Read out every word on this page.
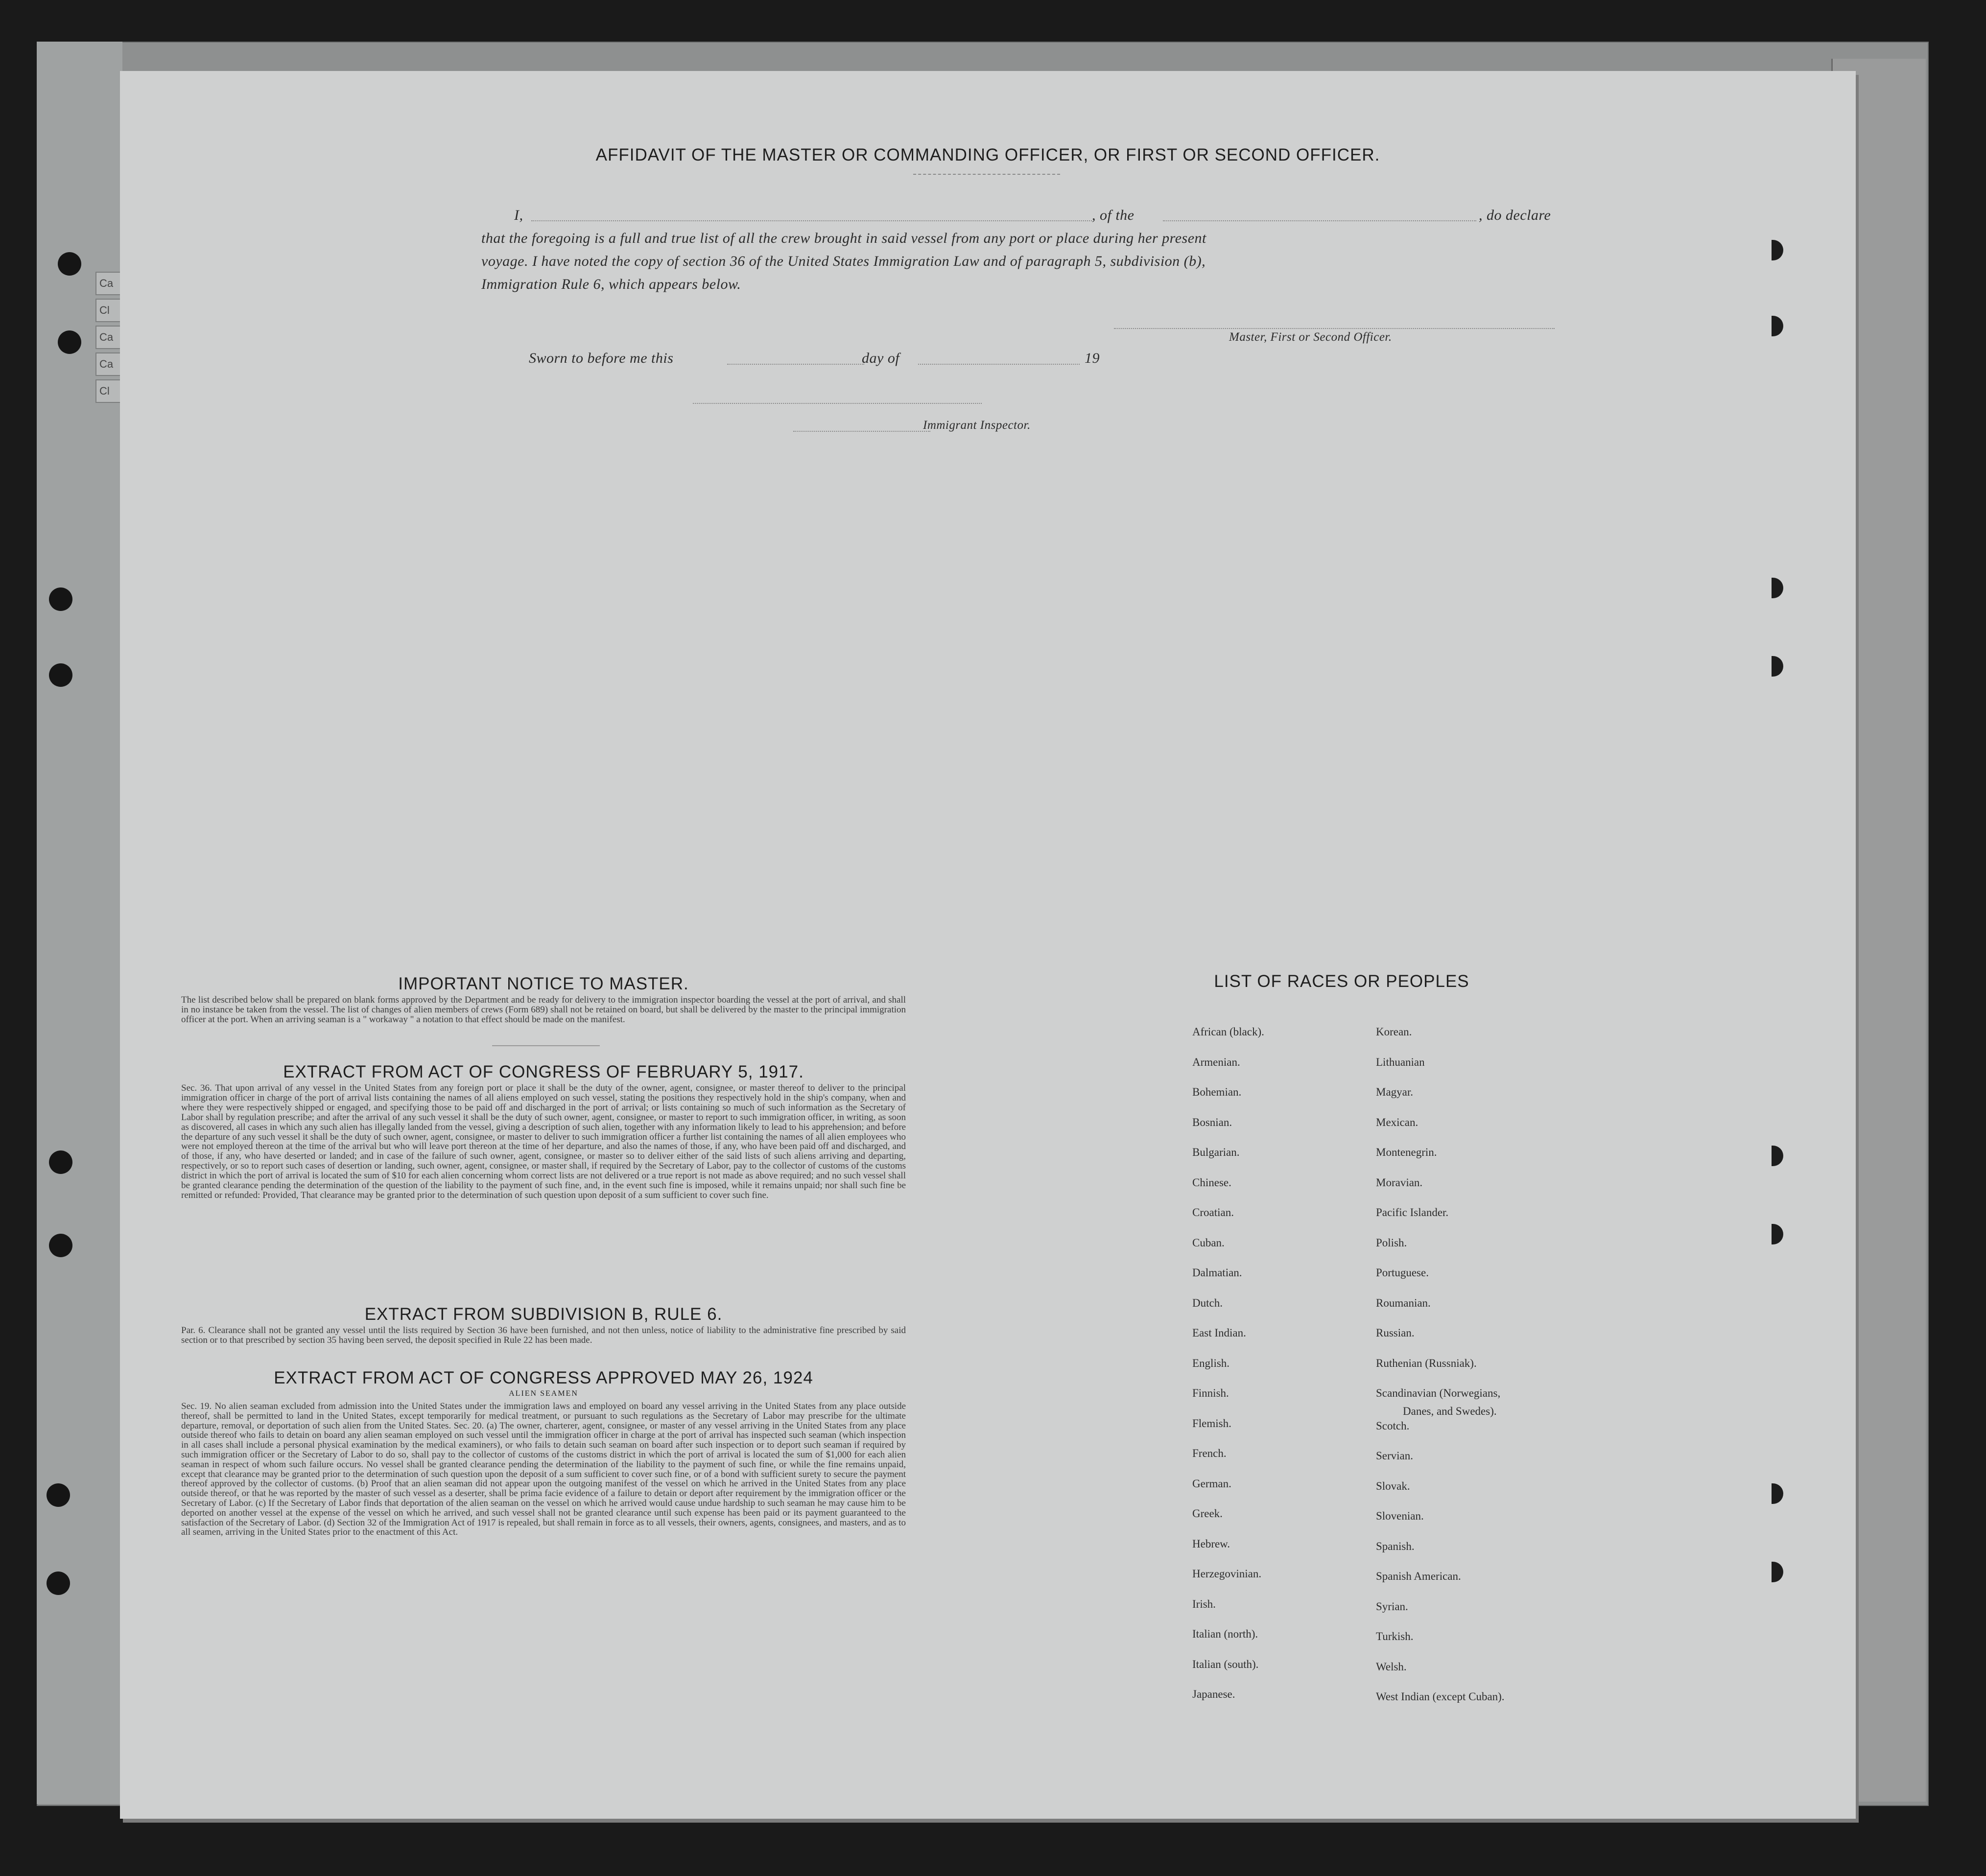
Ca
Cl
Ca
Ca
Cl
AFFIDAVIT OF THE MASTER OR COMMANDING OFFICER, OR FIRST OR SECOND OFFICER.
I,	, of the	, do declare
that the foregoing is a full and true list of all the crew brought in said vessel from any port or place during her present
voyage. I have noted the copy of section 36 of the United States Immigration Law and of paragraph 5, subdivision (b),
Immigration Rule 6, which appears below.
Master, First or Second Officer.
Sworn to before me this	day of	19
Immigrant Inspector.
IMPORTANT NOTICE TO MASTER.
The list described below shall be prepared on blank forms approved by the Department and be ready for delivery to the immigration inspector boarding the vessel at the port of arrival, and shall in no instance be taken from the vessel. The list of changes of alien members of crews (Form 689) shall not be retained on board, but shall be delivered by the master to the principal immigration officer at the port. When an arriving seaman is a " workaway " a notation to that effect should be made on the manifest.
EXTRACT FROM ACT OF CONGRESS OF FEBRUARY 5, 1917.
Sec. 36. That upon arrival of any vessel in the United States from any foreign port or place it shall be the duty of the owner, agent, consignee, or master thereof to deliver to the principal immigration officer in charge of the port of arrival lists containing the names of all aliens employed on such vessel, stating the positions they respectively hold in the ship's company, when and where they were respectively shipped or engaged, and specifying those to be paid off and discharged in the port of arrival; or lists containing so much of such information as the Secretary of Labor shall by regulation prescribe; and after the arrival of any such vessel it shall be the duty of such owner, agent, consignee, or master to report to such immigration officer, in writing, as soon as discovered, all cases in which any such alien has illegally landed from the vessel, giving a description of such alien, together with any information likely to lead to his apprehension; and before the departure of any such vessel it shall be the duty of such owner, agent, consignee, or master to deliver to such immigration officer a further list containing the names of all alien employees who were not employed thereon at the time of the arrival but who will leave port thereon at the time of her departure, and also the names of those, if any, who have been paid off and discharged, and of those, if any, who have deserted or landed; and in case of the failure of such owner, agent, consignee, or master so to deliver either of the said lists of such aliens arriving and departing, respectively, or so to report such cases of desertion or landing, such owner, agent, consignee, or master shall, if required by the Secretary of Labor, pay to the collector of customs of the customs district in which the port of arrival is located the sum of $10 for each alien concerning whom correct lists are not delivered or a true report is not made as above required; and no such vessel shall be granted clearance pending the determination of the question of the liability to the payment of such fine, and, in the event such fine is imposed, while it remains unpaid; nor shall such fine be remitted or refunded: Provided, That clearance may be granted prior to the determination of such question upon deposit of a sum sufficient to cover such fine.
EXTRACT FROM SUBDIVISION B, RULE 6.
Par. 6. Clearance shall not be granted any vessel until the lists required by Section 36 have been furnished, and not then unless, notice of liability to the administrative fine prescribed by said section or to that prescribed by section 35 having been served, the deposit specified in Rule 22 has been made.
EXTRACT FROM ACT OF CONGRESS APPROVED MAY 26, 1924
ALIEN SEAMEN
Sec. 19. No alien seaman excluded from admission into the United States under the immigration laws and employed on board any vessel arriving in the United States from any place outside thereof, shall be permitted to land in the United States, except temporarily for medical treatment, or pursuant to such regulations as the Secretary of Labor may prescribe for the ultimate departure, removal, or deportation of such alien from the United States. Sec. 20. (a) The owner, charterer, agent, consignee, or master of any vessel arriving in the United States from any place outside thereof who fails to detain on board any alien seaman employed on such vessel until the immigration officer in charge at the port of arrival has inspected such seaman (which inspection in all cases shall include a personal physical examination by the medical examiners), or who fails to detain such seaman on board after such inspection or to deport such seaman if required by such immigration officer or the Secretary of Labor to do so, shall pay to the collector of customs of the customs district in which the port of arrival is located the sum of $1,000 for each alien seaman in respect of whom such failure occurs. No vessel shall be granted clearance pending the determination of the liability to the payment of such fine, or while the fine remains unpaid, except that clearance may be granted prior to the determination of such question upon the deposit of a sum sufficient to cover such fine, or of a bond with sufficient surety to secure the payment thereof approved by the collector of customs. (b) Proof that an alien seaman did not appear upon the outgoing manifest of the vessel on which he arrived in the United States from any place outside thereof, or that he was reported by the master of such vessel as a deserter, shall be prima facie evidence of a failure to detain or deport after requirement by the immigration officer or the Secretary of Labor. (c) If the Secretary of Labor finds that deportation of the alien seaman on the vessel on which he arrived would cause undue hardship to such seaman he may cause him to be deported on another vessel at the expense of the vessel on which he arrived, and such vessel shall not be granted clearance until such expense has been paid or its payment guaranteed to the satisfaction of the Secretary of Labor. (d) Section 32 of the Immigration Act of 1917 is repealed, but shall remain in force as to all vessels, their owners, agents, consignees, and masters, and as to all seamen, arriving in the United States prior to the enactment of this Act.
LIST OF RACES OR PEOPLES
Danes, and Swedes).
African (black).
Armenian.
Bohemian.
Bosnian.
Bulgarian.
Chinese.
Croatian.
Cuban.
Dalmatian.
Dutch.
East Indian.
English.
Finnish.
Flemish.
French.
German.
Greek.
Hebrew.
Herzegovinian.
Irish.
Italian (north).
Italian (south).
Japanese.
Korean.
Lithuanian
Magyar.
Mexican.
Montenegrin.
Moravian.
Pacific Islander.
Polish.
Portuguese.
Roumanian.
Russian.
Ruthenian (Russniak).
Scandinavian (Norwegians,
Scotch.
Servian.
Slovak.
Slovenian.
Spanish.
Spanish American.
Syrian.
Turkish.
Welsh.
West Indian (except Cuban).
